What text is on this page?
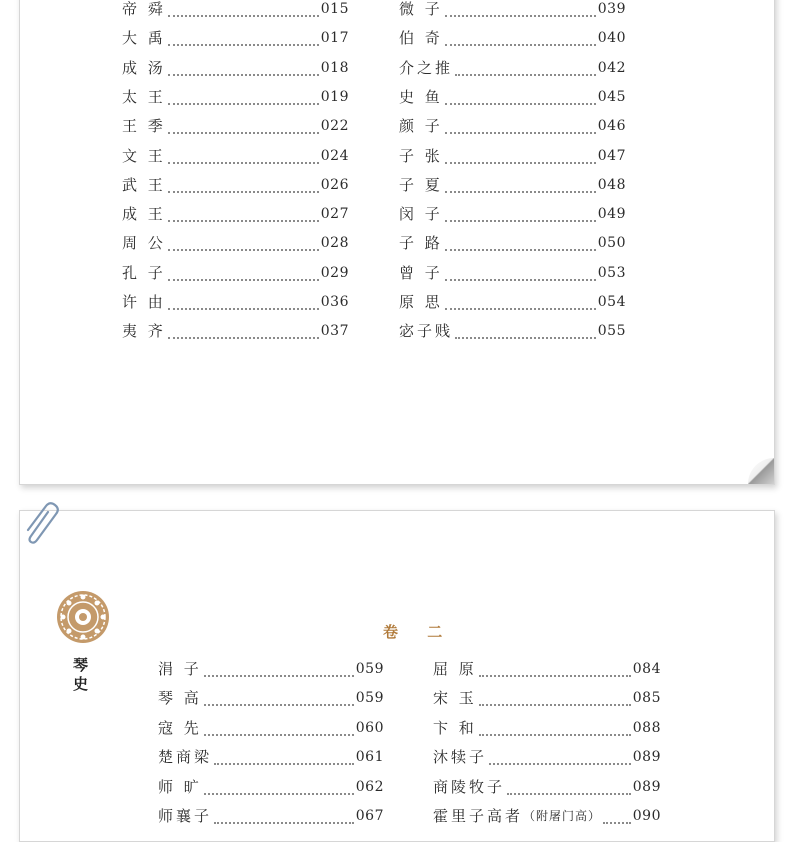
帝 舜	015
大 禹	017
成 汤	018
太 王	019
王 季	022
文 王	024
武 王	026
成 王	027
周 公	028
孔 子	029
许 由	036
夷 齐	037
微 子	039
伯 奇	040
介之推	042
史 鱼	045
颜 子	046
子 张	047
子 夏	048
闵 子	049
子 路	050
曾 子	053
原 思	054
宓子贱	055
琴史
卷 二
涓 子	059
琴 高	059
寇 先	060
楚商梁	061
师 旷	062
师襄子	067
屈 原	084
宋 玉	085
卞 和	088
沐犊子	089
商陵牧子	089
霍里子高者 （附屠门高） 090
